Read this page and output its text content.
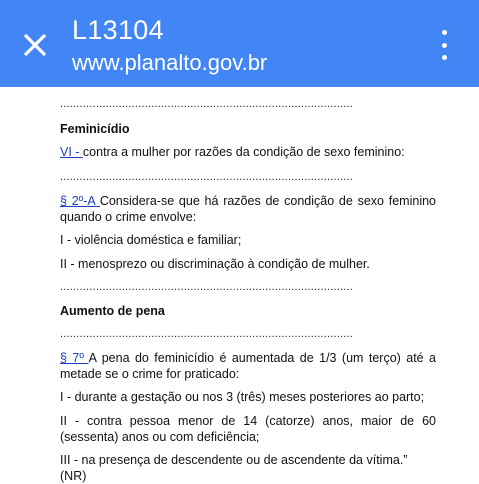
L13104
www.planalto.gov.br
..........................................................................................
Feminicídio
VI - contra a mulher por razões da condição de sexo feminino:
..........................................................................................
§ 2º-A Considera-se que há razões de condição de sexo feminino quando o crime envolve:
I - violência doméstica e familiar;
II - menosprezo ou discriminação à condição de mulher.
..........................................................................................
Aumento de pena
..........................................................................................
§ 7º A pena do feminicídio é aumentada de 1/3 (um terço) até a metade se o crime for praticado:
I - durante a gestação ou nos 3 (três) meses posteriores ao parto;
II - contra pessoa menor de 14 (catorze) anos, maior de 60 (sessenta) anos ou com deficiência;
III - na presença de descendente ou de ascendente da vítima.” (NR)
